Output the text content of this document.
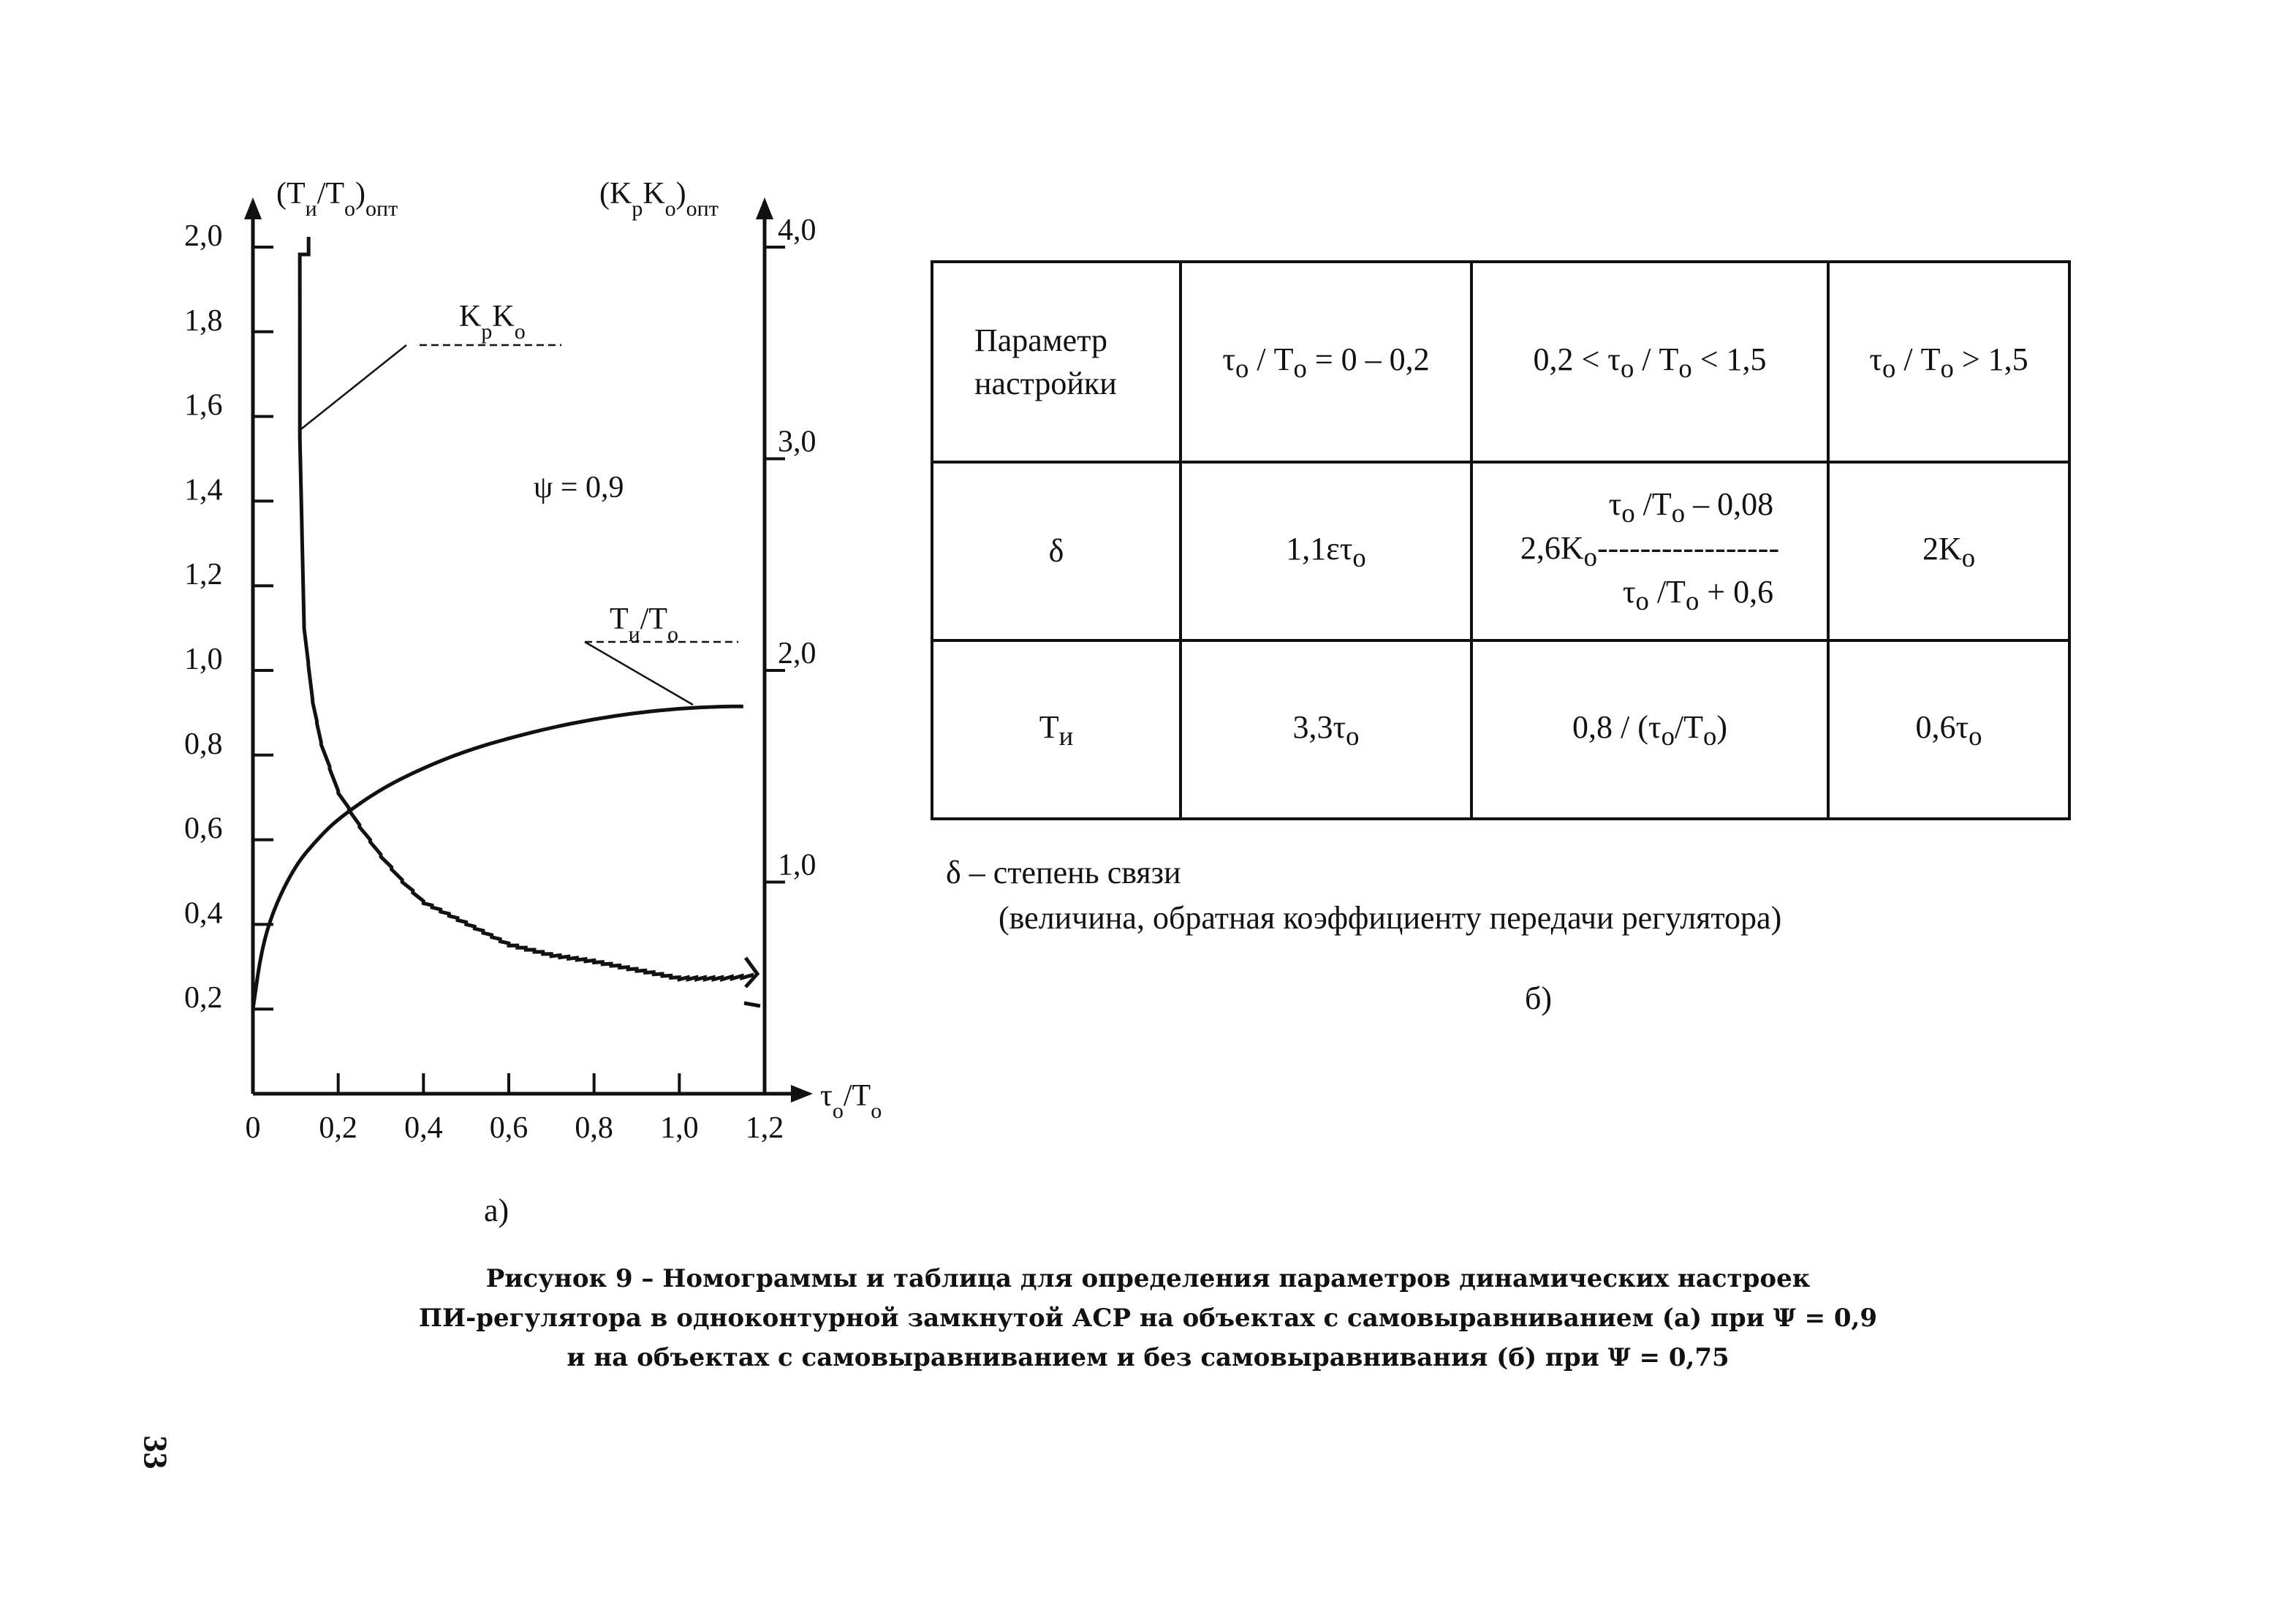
0,2
0,4
0,6
0,8
1,0
1,2
1,4
1,6
1,8
2,0
1,0
2,0
3,0
4,0
0 0,2 0,4 0,6 0,8 1,0 1,2
$(T_и/T_о)_{опт}$	$(K_рK_о)_{опт}$
$\tau_о/T_о$
$K_рK_о$
$T_и/T_о$
ψ = 0,9
а)
Параметр
настройки	$\tau_о / T_о = 0 - 0,2$	$0,2 < \tau_о / T_о < 1,5$	$\tau_о / T_о > 1,5$
δ	$1,1\varepsilon\tau_о$	$\tau_о$ $/T_о - 0,08$
$2,6K_о-----------------$
$\tau_о$ $/T_о + 0,6$	$2K_о$
$T_и$	$3,3\tau_о$	$0,8 / (\tau_о/T_о)$	$0,6\tau_о$
δ – степень связи
(величина, обратная коэффициенту передачи регулятора)
б)
Рисунок 9 – Номограммы и таблица для определения параметров динамических настроек
ПИ-регулятора в одноконтурной замкнутой АСР на объектах с самовыравниванием (а) при Ψ = 0,9
и на объектах с самовыравниванием и без самовыравнивания (б) при Ψ = 0,75
33
